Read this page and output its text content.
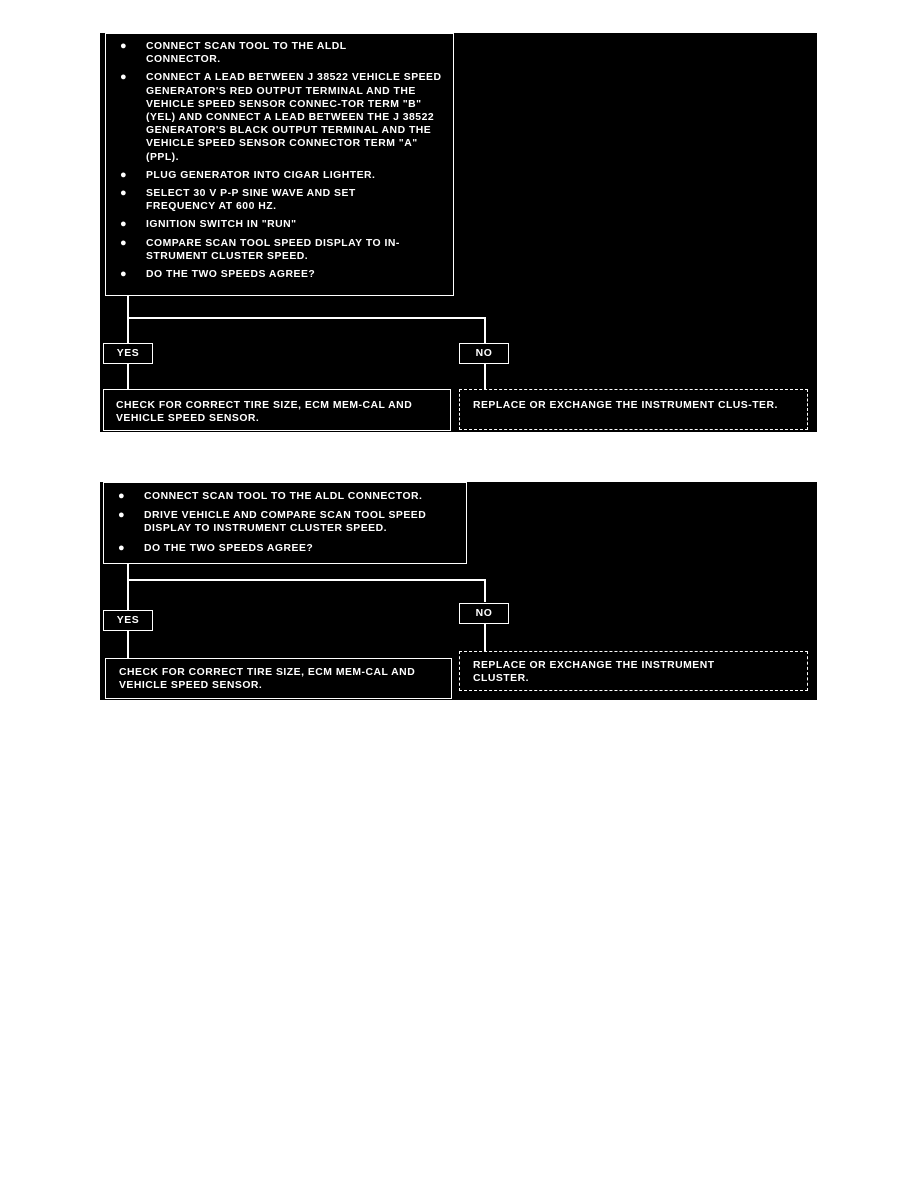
● CONNECT SCAN TOOL TO THE ALDL CONNECTOR.
● CONNECT A LEAD BETWEEN J 38522 VEHICLE SPEED GENERATOR'S RED OUTPUT TERMINAL AND THE VEHICLE SPEED SENSOR CONNEC-TOR TERM "B" (YEL) AND CONNECT A LEAD BETWEEN THE J 38522 GENERATOR'S BLACK OUTPUT TERMINAL AND THE VEHICLE SPEED SENSOR CONNECTOR TERM "A" (PPL).
● PLUG GENERATOR INTO CIGAR LIGHTER.
● SELECT 30 V P-P SINE WAVE AND SET FREQUENCY AT 600 HZ.
● IGNITION SWITCH IN "RUN"
● COMPARE SCAN TOOL SPEED DISPLAY TO IN-STRUMENT CLUSTER SPEED.
● DO THE TWO SPEEDS AGREE?
YES	NO
CHECK FOR CORRECT TIRE SIZE, ECM MEM-CAL AND VEHICLE SPEED SENSOR.
REPLACE OR EXCHANGE THE INSTRUMENT CLUS-TER.
● CONNECT SCAN TOOL TO THE ALDL CONNECTOR.
● DRIVE VEHICLE AND COMPARE SCAN TOOL SPEED DISPLAY TO INSTRUMENT CLUSTER SPEED.
● DO THE TWO SPEEDS AGREE?
YES
NO
CHECK FOR CORRECT TIRE SIZE, ECM MEM-CAL AND VEHICLE SPEED SENSOR.
REPLACE OR EXCHANGE THE INSTRUMENT CLUSTER.
